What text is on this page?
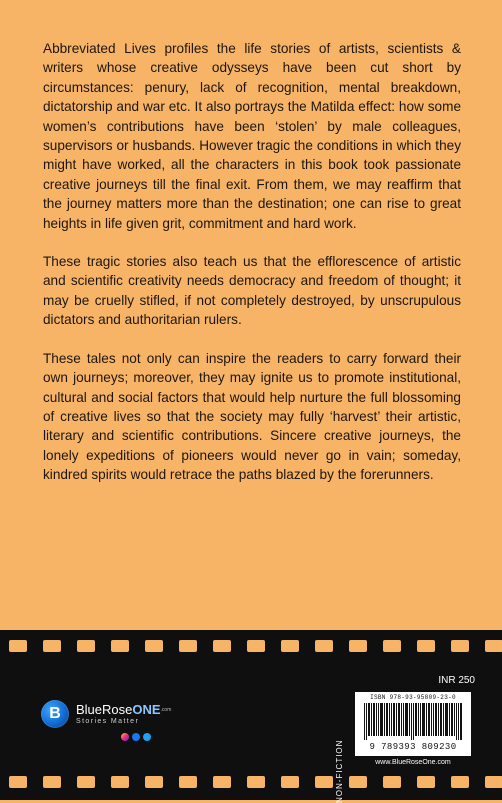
Abbreviated Lives profiles the life stories of artists, scientists & writers whose creative odysseys have been cut short by circumstances: penury, lack of recognition, mental breakdown, dictatorship and war etc. It also portrays the Matilda effect: how some women’s contributions have been ‘stolen’ by male colleagues, supervisors or husbands. However tragic the conditions in which they might have worked, all the characters in this book took passionate creative journeys till the final exit. From them, we may reaffirm that the journey matters more than the destination; one can rise to great heights in life given grit, commitment and hard work.

These tragic stories also teach us that the efflorescence of artistic and scientific creativity needs democracy and freedom of thought; it may be cruelly stifled, if not completely destroyed, by unscrupulous dictators and authoritarian rulers.

These tales not only can inspire the readers to carry forward their own journeys; moreover, they may ignite us to promote institutional, cultural and social factors that would help nurture the full blossoming of creative lives so that the society may fully ‘harvest’ their artistic, literary and scientific contributions. Sincere creative journeys, the lonely expeditions of pioneers would never go in vain; someday, kindred spirits would retrace the paths blazed by the forerunners.

B BlueRoseONE$^{.com}$
Stories Matter
INR 250
NON-FICTION
ISBN 978-93-95809-23-0
9 789393 809230
www.BlueRoseOne.com
